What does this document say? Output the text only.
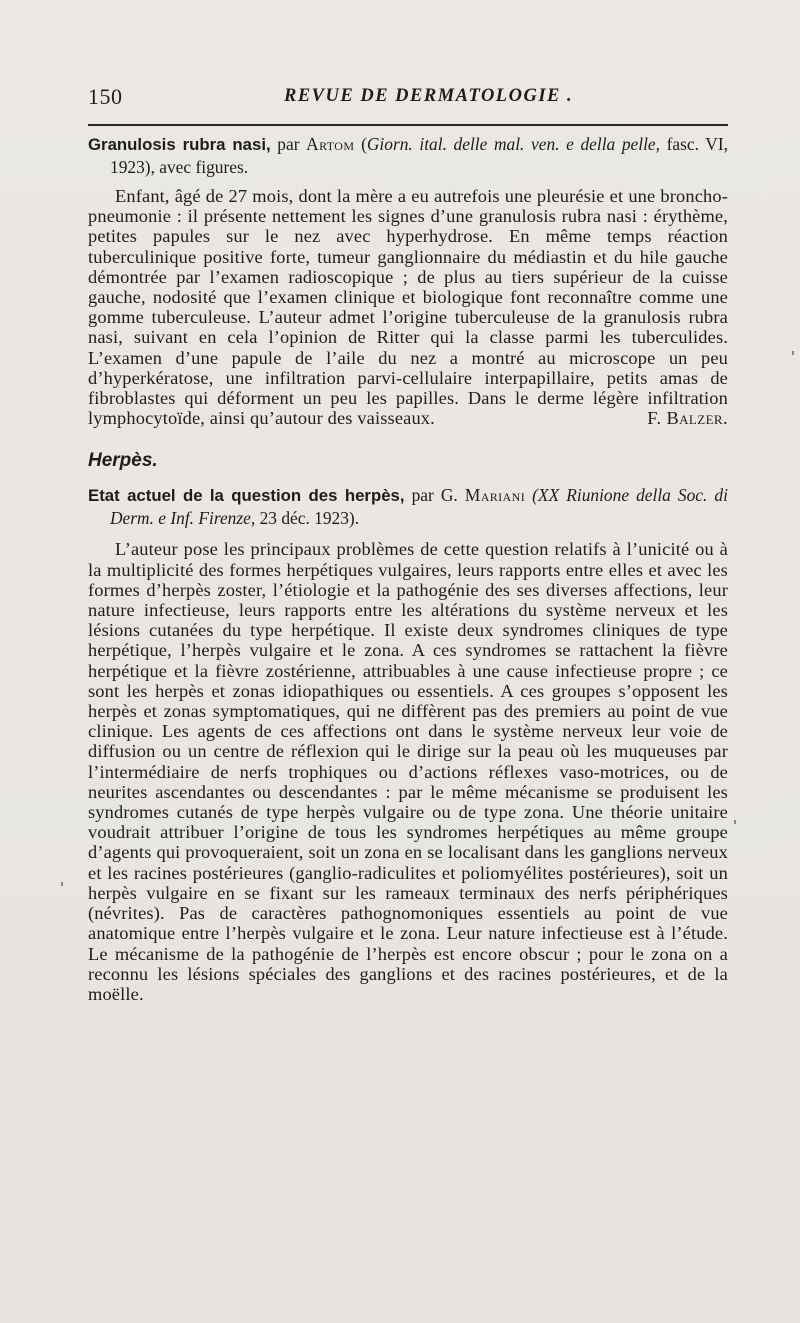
150	REVUE DE DERMATOLOGIE .

Granulosis rubra nasi, par Artom (Giorn. ital. delle mal. ven. e della pelle, fasc. VI, 1923), avec figures.

Enfant, âgé de 27 mois, dont la mère a eu autrefois une pleurésie et une broncho-pneumonie : il présente nettement les signes d’une granulosis rubra nasi : érythème, petites papules sur le nez avec hyperhydrose. En même temps réaction tuberculinique positive forte, tumeur ganglionnaire du médiastin et du hile gauche démontrée par l’examen radioscopique ; de plus au tiers supérieur de la cuisse gauche, nodosité que l’examen clinique et biologique font reconnaître comme une gomme tuberculeuse. L’auteur admet l’origine tuberculeuse de la granulosis rubra nasi, suivant en cela l’opinion de Ritter qui la classe parmi les tuberculides. L’examen d’une papule de l’aile du nez a montré au microscope un peu d’hyperkératose, une infiltration parvi-cellulaire interpapillaire, petits amas de fibroblastes qui déforment un peu les papilles. Dans le derme légère infiltration lymphocytoïde, ainsi qu’autour des vaisseaux.	F. Balzer.

Herpès.

Etat actuel de la question des herpès, par G. Mariani (XX Riunione della Soc. di Derm. e Inf. Firenze, 23 déc. 1923).

L’auteur pose les principaux problèmes de cette question relatifs à l’unicité ou à la multiplicité des formes herpétiques vulgaires, leurs rapports entre elles et avec les formes d’herpès zoster, l’étiologie et la pathogénie des ses diverses affections, leur nature infectieuse, leurs rapports entre les altérations du système nerveux et les lésions cutanées du type herpétique. Il existe deux syndromes cliniques de type herpétique, l’herpès vulgaire et le zona. A ces syndromes se rattachent la fièvre herpétique et la fièvre zostérienne, attribuables à une cause infectieuse propre ; ce sont les herpès et zonas idiopathiques ou essentiels. A ces groupes s’opposent les herpès et zonas symptomatiques, qui ne diffèrent pas des premiers au point de vue clinique. Les agents de ces affections ont dans le système nerveux leur voie de diffusion ou un centre de réflexion qui le dirige sur la peau où les muqueuses par l’intermédiaire de nerfs trophiques ou d’actions réflexes vaso-motrices, ou de neurites ascendantes ou descendantes : par le même mécanisme se produisent les syndromes cutanés de type herpès vulgaire ou de type zona. Une théorie unitaire voudrait attribuer l’origine de tous les syndromes herpétiques au même groupe d’agents qui provoqueraient, soit un zona en se localisant dans les ganglions nerveux et les racines postérieures (ganglio-radiculites et poliomyélites postérieures), soit un herpès vulgaire en se fixant sur les rameaux terminaux des nerfs périphériques (névrites). Pas de caractères pathognomoniques essentiels au point de vue anatomique entre l’herpès vulgaire et le zona. Leur nature infectieuse est à l’étude. Le mécanisme de la pathogénie de l’herpès est encore obscur ; pour le zona on a reconnu les lésions spéciales des ganglions et des racines postérieures, et de la moëlle.
